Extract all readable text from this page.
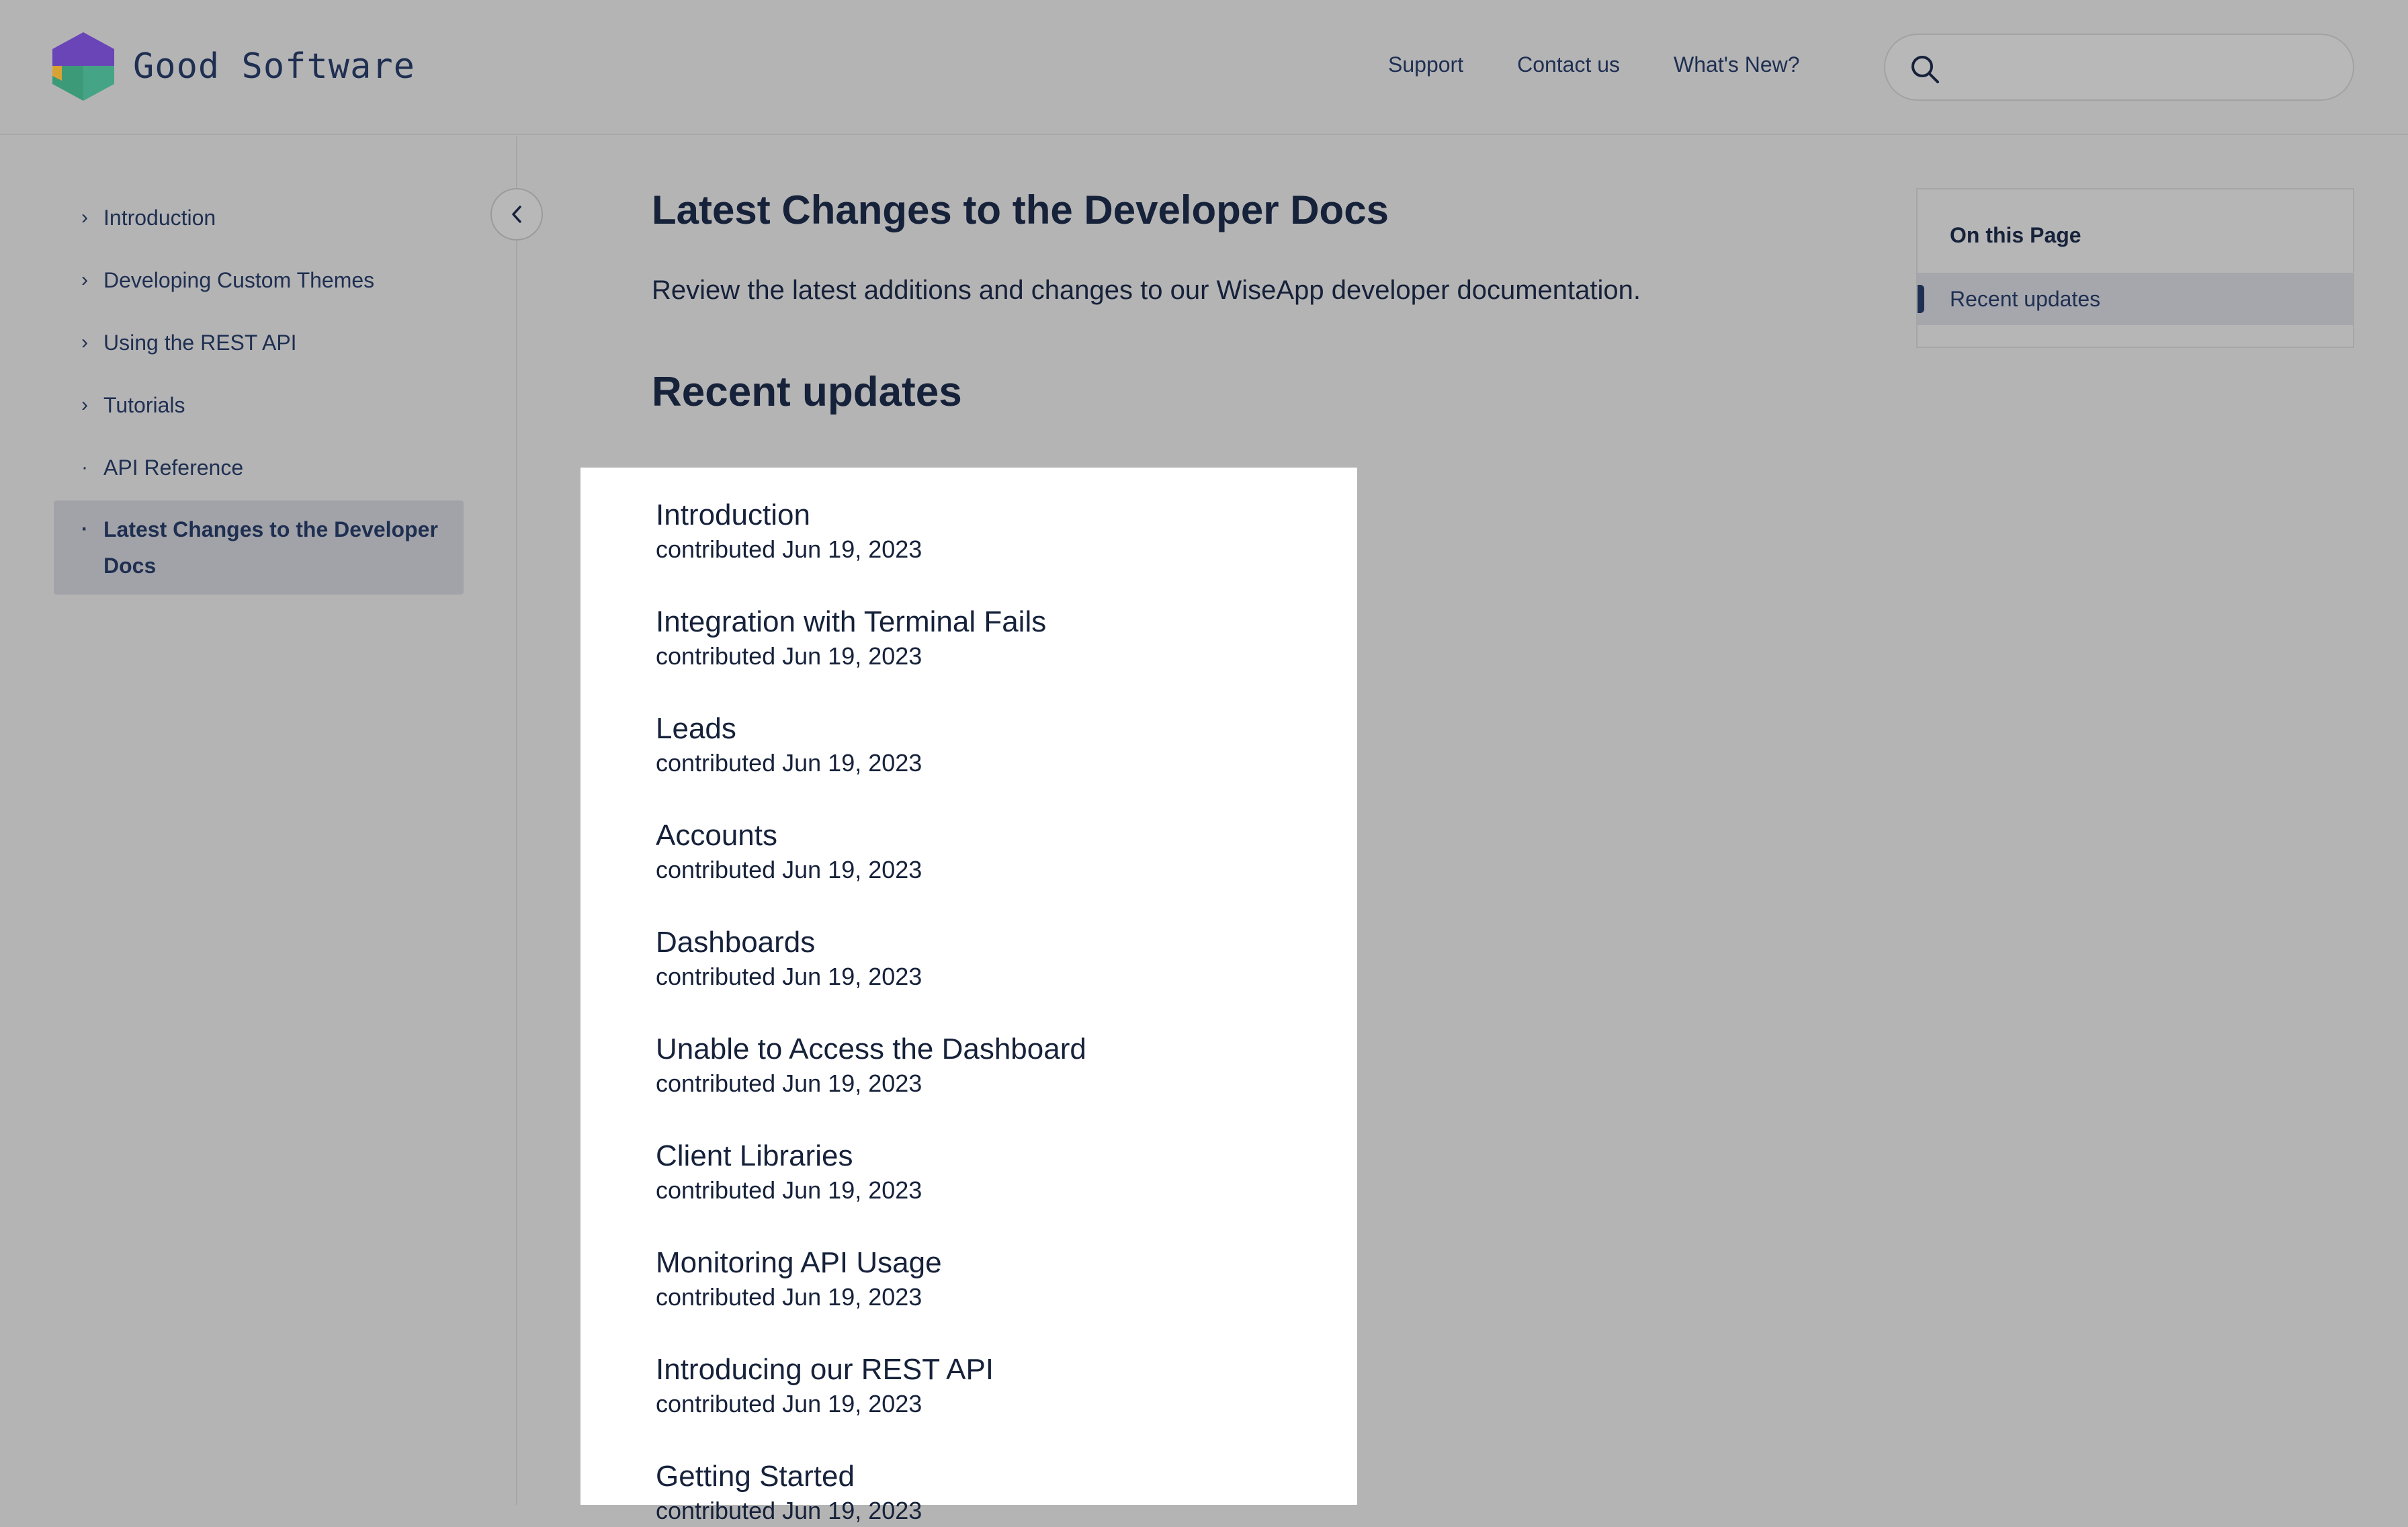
Good Software	Support	Contact us	What's New?
› Introduction
› Developing Custom Themes
› Using the REST API
› Tutorials
· API Reference
· Latest Changes to the Developer Docs
Latest Changes to the Developer Docs

Review the latest additions and changes to our WiseApp developer documentation.

Recent updates
Introduction
contributed Jun 19, 2023
Integration with Terminal Fails
contributed Jun 19, 2023
Leads
contributed Jun 19, 2023
Accounts
contributed Jun 19, 2023
Dashboards
contributed Jun 19, 2023
Unable to Access the Dashboard
contributed Jun 19, 2023
Client Libraries
contributed Jun 19, 2023
Monitoring API Usage
contributed Jun 19, 2023
Introducing our REST API
contributed Jun 19, 2023
Getting Started
contributed Jun 19, 2023
On this Page
Recent updates
